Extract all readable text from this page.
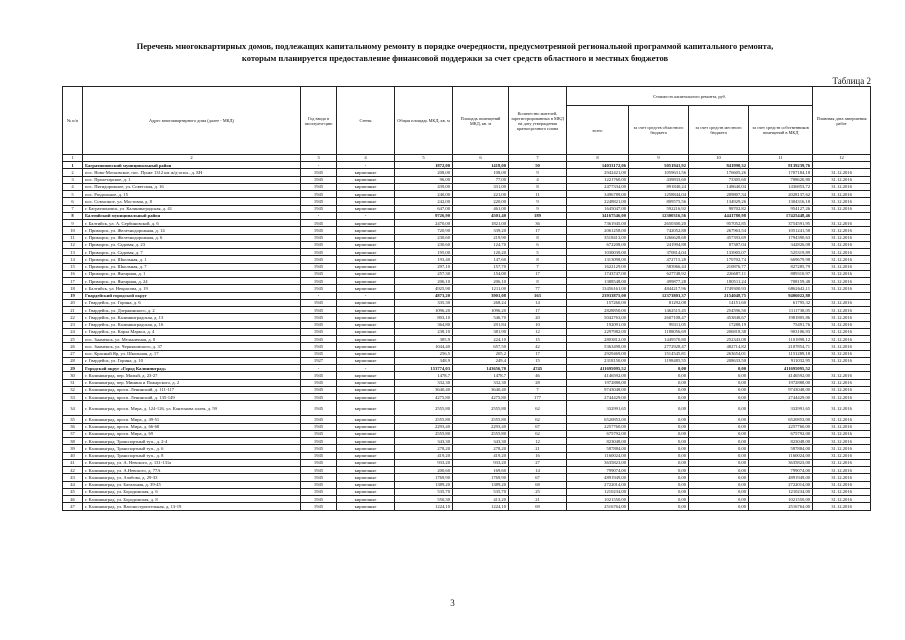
Перечень многоквартирных домов, подлежащих капитальному ремонту в порядке очередности, предусмотренной региональной программой капитального ремонта,
которым планируется предоставление финансовой поддержки за счет средств областного и местных бюджетов
Таблица 2
№ п/п	Адрес многоквартирного дома (далее - МКД)	Год ввода в эксплуата-цию	Стены	Общая площадь МКД, кв. м	Площадь помещений МКД, кв. м	Количество жителей, зарегистрированных в МКД на дату утверждения краткосрочного плана	Стоимость капитального ремонта, руб.				Плановая дата завершения работ
							всего	за счет средств областного бюджета	за счет средств местного бюджета	за счет средств собственников помещений в МКД	
1	2	3	4	5	6	7	8	9	10	11	12
1	Багратионовский муниципальный район	-	-	1872,00	1418,00	50	14033172,06	5051941,92	841990,32	8139239,76	
2	пос. Ново-Московское, пос. Пункт 1312 км ж/д-опол., д. БН	1945	кирпичные	208,00	108,00	9	2942421,00	1059631,56	176605,26	1707184,18	31.12.2016
3	пос. Пролетарское, д. 1	1945	кирпичные	96,00	77,00	4	1221760,00	439833,60	73305,60	708620,80	31.12.2016
4	пос. Пятидорожное, ул. Советская, д. 16	1945	кирпичные	439,00	331,00	8	2477334,00	891840,24	148640,04	1436853,72	31.12.2016
5	пос. Раздольное, д. 15	1945	кирпичные	240,00	221,00	11	3496789,00	1258844,04	209807,34	2028137,62	31.12.2016
6	пос. Совхозное, ул. Мостовая, д. 8	1945	кирпичные	242,00	220,00	9	2248821,00	809575,56	134929,26	1304316,18	31.12.2016
7	г. Багратионовск, ул. Калининградская, д. 41	1945	кирпичные	647,00	461,00	9	1645047,00	592216,92	98702,82	954127,26	31.12.2016
8	Балтийский муниципальный район	-	-	9726,90	4501,40	189	34167546,00	12300316,56	4441780,98	17425448,46	
9	г. Балтийск, ул. А. Сербиновской, д. 6	1945	кирпичные	2470,00	1821,00	36	7361945,00	2650300,20	957052,85	3754591,95	31.12.2016
10	г. Приморск, ул. Железнодорожная, д. 14	1945	кирпичные	720,90	339,20	17	2061258,00	742052,88	267963,54	1051241,58	31.12.2016
11	г. Приморск, ул. Железнодорожная, д. 6	1945	кирпичные	230,60	219,90	8	3518413,00	1266628,68	457393,69	1794390,63	31.12.2016
12	г. Приморск, ул. Садовая, д. 23	1945	кирпичные	230,60	124,70	6	672208,00	241994,88	87387,04	342826,08	31.12.2016
13	г. Приморск, ул. Садовая, д. 7	1945	кирпичные	195,00	120,20	5	1030039,00	370814,04	133905,07	525319,89	31.12.2016
14	г. Приморск, ул. Школьная, д. 1	1945	кирпичные	193,40	147,60	8	1313098,00	472715,28	170702,74	669679,98	31.12.2016
15	г. Приморск, ул. Школьная, д. 7	1945	кирпичные	297,10	157,70	7	1622129,00	583966,44	210876,77	827285,79	31.12.2016
16	г. Приморск, ул. Янтарная, д. 1	1945	кирпичные	257,30	154,00	17	1743747,00	627748,92	226687,11	889310,97	31.12.2016
17	г. Приморск, ул. Янтарная, д. 24	1945	кирпичные	206,10	206,10	8	1388548,00	499877,28	180511,24	708159,48	31.12.2016
18	г. Балтийск, ул. Некрасова, д. 19	1945	кирпичные	4925,90	1211,00	77	13456161,00	4844217,96	1749300,93	6862642,11	31.12.2016
19	Гвардейский городской округ	-	-	4873,20	3901,08	163	23933875,00	12373803,37	2154048,75	9406022,88	
20	г. Гвардейск, ул. Горина, д. 6	1945	кирпичные	335,30	268,24	14	157260,00	81292,08	14151,60	61795,32	31.12.2016
21	г. Гвардейск, ул. Дзержинского, д. 2	1945	кирпичные	1096,20	1096,20	17	2828850,00	1462515,45	254596,50	1111738,05	31.12.2016
22	г. Гвардейск, ул. Калининградская, д. 13	1945	кирпичные	803,10	546,70	20	5042763,00	2607108,47	453848,67	1981805,86	31.12.2016
23	г. Гвардейск, ул. Калининградская, д. 16	1945	кирпичные	364,80	291,84	10	192091,00	99311,05	17288,19	75491,76	31.12.2016
24	г. Гвардейск, ул. Карла Маркса, д. 4	1945	кирпичные	238,10	381,90	12	2297982,00	1188056,69	206818,38	903106,93	31.12.2016
25	пос. Знаменск, ул. Мельничная, д. 8	1945	кирпичные	385,9	224,10	15	2803812,00	1449570,80	252343,08	1101898,12	31.12.2016
26	пос. Знаменск, ул. Черняховского, д. 37	1945	кирпичные	1044,40	657,50	42	5363498,00	2772928,47	482714,82	2107854,71	31.12.2016
27	пос. Красный Яр, ул. Школьная, д. 17	1945	кирпичные	256,5	205,2	17	2929469,00	1514545,81	263654,01	1151289,18	31.12.2016
28	г. Гвардейск, ул. Горина, д. 10	1927	кирпичные	348,9	249,4	15	2318150,00	1198485,55	208633,50	911032,95	31.12.2016
29	Городской округ «Город Калининград»	-	-	153774,03	143656,70	4745	411695095,52	0,00	0,00	411695095,52	
30	г. Калининград, пер. Малый, д. 23-27	1945	кирпичные	1478,7	1478,7	46	4146592,00	0,00	0,00	4146592,00	31.12.2016
31	г. Калининград, пер. Минина и Пожарского, д. 2	1945	кирпичные	332,30	332,30	28	1972888,00	0,00	0,00	1972888,00	31.12.2016
32	г. Калининград, просп. Ленинский, д. 111-117	1945	кирпичные	3640,40	3640,40	7	9743048,00	0,00	0,00	9743048,00	31.12.2016
33	г. Калининград, просп. Ленинский, д. 135-149	1945	кирпичные	4275,80	4275,80	177	2744429,00	0,00	0,00	2744429,00	31.12.2016
34	г. Калининград, просп. Мира, д. 124-126, ул. Кантонова аллея, д. 59	1945	кирпичные	2555,80	2555,80	62	332991,65	0,00	0,00	332991,65	31.12.2016
35	г. Калининград, просп. Мира, д. 49-51	1945	кирпичные	2555,80	2555,80	62	6520853,00	0,00	0,00	6520853,00	31.12.2016
36	г. Калининград, просп. Мира, д. 66-68	1945	кирпичные	2293,40	2293,40	67	2257760,00	0,00	0,00	2257760,00	31.12.2016
37	г. Калининград, просп. Мира, д. 69	1945	кирпичные	2555,80	2555,80	62	675792,00	0,00	0,00	675792,00	31.12.2016
38	г. Калининград, Транспортный туп., д. 2-4	1945	кирпичные	343,30	343,30	12	823048,00	0,00	0,00	823048,00	31.12.2016
39	г. Калининград, Транспортный туп., д. 6	1945	кирпичные	278,20	278,20	21	587884,00	0,00	0,00	587884,00	31.12.2016
40	г. Калининград, Транспортный туп., д. 8	1945	кирпичные	419,20	419,20	16	1160024,00	0,00	0,00	1160024,00	31.12.2016
41	г. Калининград, ул. А. Невского, д. 131-131а	1945	кирпичные	933,20	933,20	27	3635823,00	0,00	0,00	3635823,00	31.12.2016
42	г. Калининград, ул. А.Невского, д. 77А	1945	кирпичные	200,60	169,60	14	799074,00	0,00	0,00	799074,00	31.12.2016
43	г. Калининград, ул. Азибова, д. 29-33	1945	кирпичные	1769,90	1769,90	67	4891949,00	0,00	0,00	4891949,00	31.12.2016
44	г. Калининград, ул. Батальная, д. 39-45	1945	кирпичные	1389,20	1389,20	68	2722014,00	0,00	0,00	2722014,00	31.12.2016
45	г. Калининград, ул. Бородинская, д. 6	1945	кирпичные	535,70	535,70	25	1210234,00	0,00	0,00	1210234,00	31.12.2016
46	г. Калининград, ул. Бородинская, д. 8	1945	кирпичные	550,30	413,20	21	1021550,00	0,00	0,00	1021550,00	31.12.2016
47	г. Калининград, ул. Вагоностроительная, д. 13-19	1945	кирпичные	1224,10	1224,10	69	2516764,00	0,00	0,00	2516764,00	31.12.2016
3
